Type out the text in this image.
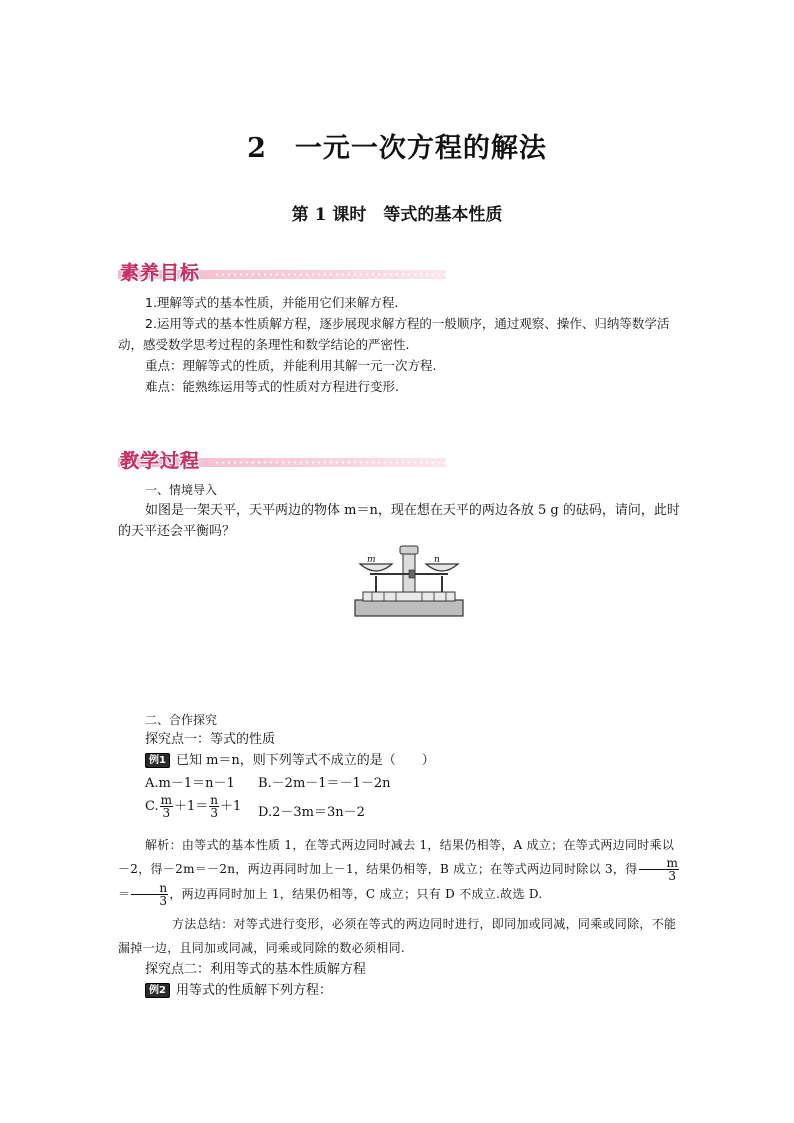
2　一元一次方程的解法
第 1 课时　等式的基本性质
素养目标
1.理解等式的基本性质，并能用它们来解方程.
2.运用等式的基本性质解方程，逐步展现求解方程的一般顺序，通过观察、操作、归纳等数学活动，感受数学思考过程的条理性和数学结论的严密性.
重点：理解等式的性质，并能利用其解一元一次方程.
难点：能熟练运用等式的性质对方程进行变形.
教学过程
一、情境导入
如图是一架天平，天平两边的物体 m＝n，现在想在天平的两边各放 5 g 的砝码，请问，此时的天平还会平衡吗？
m	n
二、合作探究
探究点一：等式的性质
例1 已知 m＝n，则下列等式不成立的是（　　）
A.m－1＝n－1	B.－2m－1＝－1－2n
C. $\frac{m}{3} +1= \frac{n}{3} +1$ D.2－3m＝3n－2
解析：由等式的基本性质 1，在等式两边同时减去 1，结果仍相等，A 成立；在等式两边同时乘以－2，得－2m＝－2n，两边再同时加上－1，结果仍相等，B 成立；在等式两边同时除以 3，得 $\frac{m}{3}$
＝ $\frac{n}{3}$ ，两边再同时加上 1，结果仍相等，C 成立；只有 D 不成立.故选 D.
方法总结：对等式进行变形，必须在等式的两边同时进行，即同加或同减，同乘或同除，不能漏掉一边，且同加或同减，同乘或同除的数必须相同.
探究点二：利用等式的基本性质解方程
例2 用等式的性质解下列方程：
